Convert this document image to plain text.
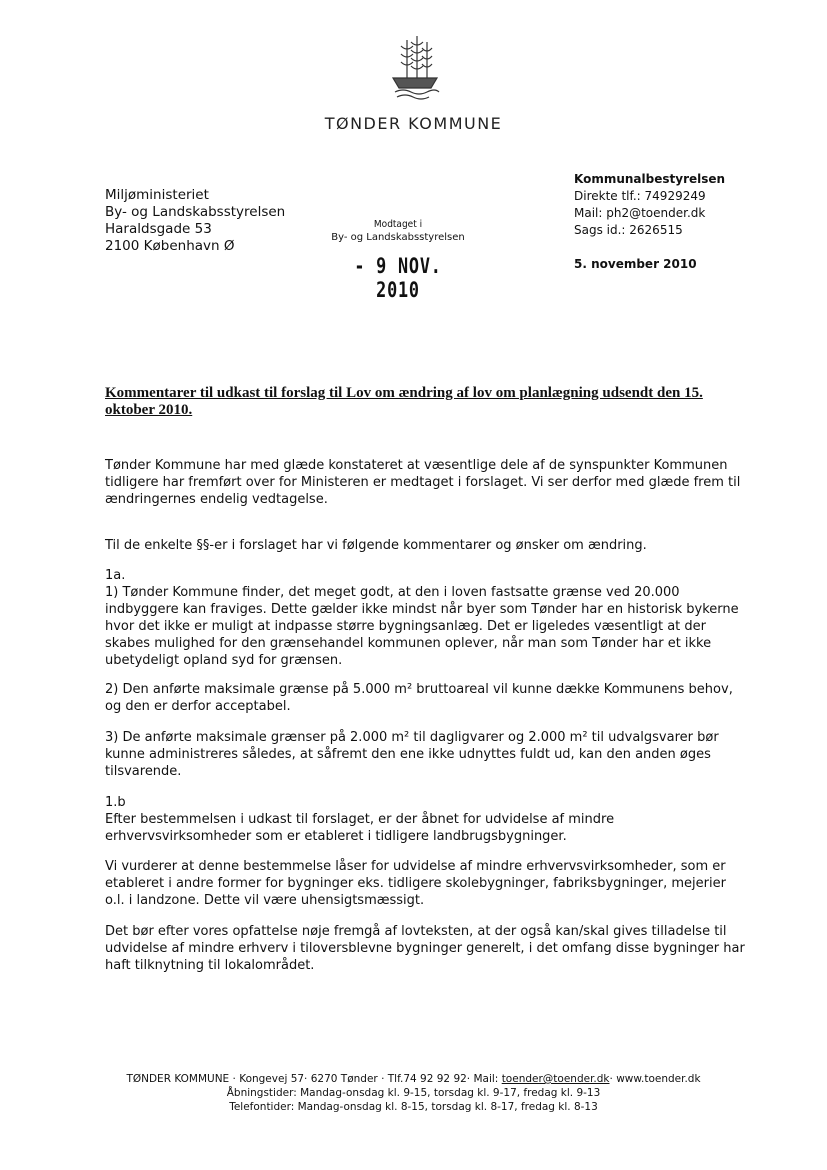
TØNDER KOMMUNE
Miljøministeriet
By- og Landskabsstyrelsen
Haraldsgade 53
2100 København Ø
Modtaget i
By- og Landskabsstyrelsen
- 9 NOV. 2010
Kommunalbestyrelsen
Direkte tlf.: 74929249
Mail: ph2@toender.dk
Sags id.: 2626515
5. november 2010
Kommentarer til udkast til forslag til Lov om ændring af lov om planlægning udsendt den 15. oktober 2010.
Tønder Kommune har med glæde konstateret at væsentlige dele af de synspunkter Kommunen tidligere har fremført over for Ministeren er medtaget i forslaget. Vi ser derfor med glæde frem til ændringernes endelig vedtagelse.
Til de enkelte §§-er i forslaget har vi følgende kommentarer og ønsker om ændring.
1a.
1) Tønder Kommune finder, det meget godt, at den i loven fastsatte grænse ved 20.000 indbyggere kan fraviges. Dette gælder ikke mindst når byer som Tønder har en historisk bykerne hvor det ikke er muligt at indpasse større bygningsanlæg. Det er ligeledes væsentligt at der skabes mulighed for den grænsehandel kommunen oplever, når man som Tønder har et ikke ubetydeligt opland syd for grænsen.
2) Den anførte maksimale grænse på 5.000 m² bruttoareal vil kunne dække Kommunens behov, og den er derfor acceptabel.
3) De anførte maksimale grænser på 2.000 m² til dagligvarer og 2.000 m² til udvalgsvarer bør kunne administreres således, at såfremt den ene ikke udnyttes fuldt ud, kan den anden øges tilsvarende.
1.b
Efter bestemmelsen i udkast til forslaget, er der åbnet for udvidelse af mindre erhvervsvirksomheder som er etableret i tidligere landbrugsbygninger.
Vi vurderer at denne bestemmelse låser for udvidelse af mindre erhvervsvirksomheder, som er etableret i andre former for bygninger eks. tidligere skolebygninger, fabriksbygninger, mejerier o.l. i landzone. Dette vil være uhensigtsmæssigt.
Det bør efter vores opfattelse nøje fremgå af lovteksten, at der også kan/skal gives tilladelse til udvidelse af mindre erhverv i tiloversblevne bygninger generelt, i det omfang disse bygninger har haft tilknytning til lokalområdet.
TØNDER KOMMUNE · Kongevej 57· 6270 Tønder · Tlf.74 92 92 92· Mail: toender@toender.dk· www.toender.dk
Åbningstider: Mandag-onsdag kl. 9-15, torsdag kl. 9-17, fredag kl. 9-13
Telefontider: Mandag-onsdag kl. 8-15, torsdag kl. 8-17, fredag kl. 8-13
